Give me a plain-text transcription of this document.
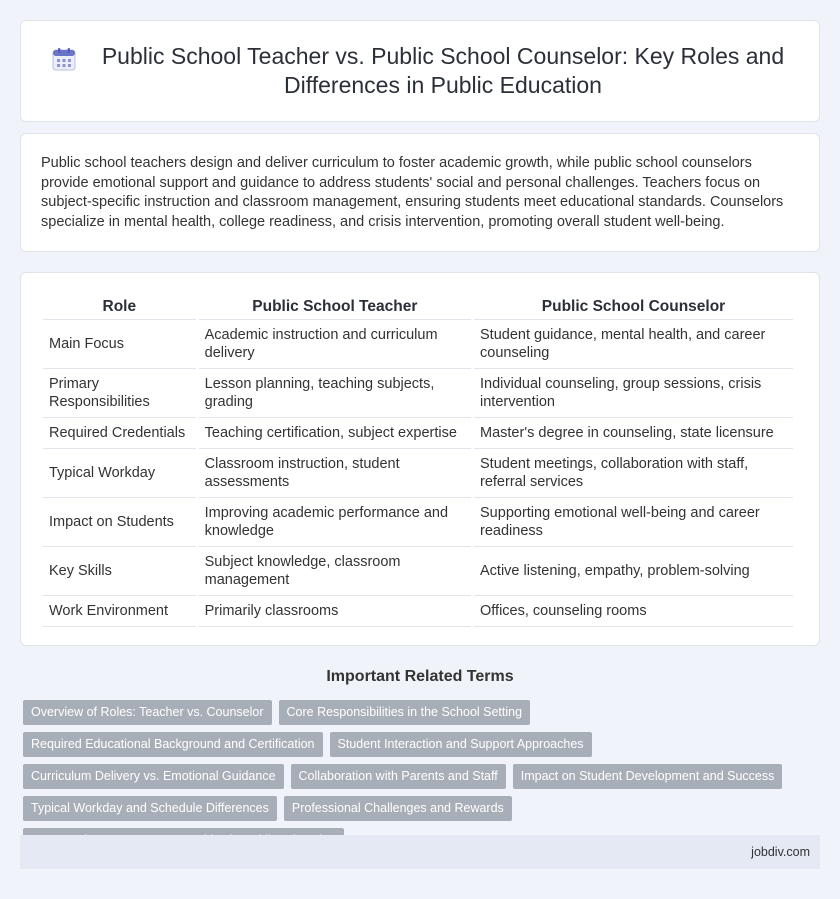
Public School Teacher vs. Public School Counselor: Key Roles and Differences in Public Education

Public school teachers design and deliver curriculum to foster academic growth, while public school counselors provide emotional support and guidance to address students' social and personal challenges. Teachers focus on subject-specific instruction and classroom management, ensuring students meet educational standards. Counselors specialize in mental health, college readiness, and crisis intervention, promoting overall student well-being.

Role	Public School Teacher	Public School Counselor
Main Focus	Academic instruction and curriculum delivery	Student guidance, mental health, and career counseling
Primary Responsibilities	Lesson planning, teaching subjects, grading	Individual counseling, group sessions, crisis intervention
Required Credentials	Teaching certification, subject expertise	Master's degree in counseling, state licensure
Typical Workday	Classroom instruction, student assessments	Student meetings, collaboration with staff, referral services
Impact on Students	Improving academic performance and knowledge	Supporting emotional well-being and career readiness
Key Skills	Subject knowledge, classroom management	Active listening, empathy, problem-solving
Work Environment	Primarily classrooms	Offices, counseling rooms
Important Related Terms
Overview of Roles: Teacher vs. Counselor	Core Responsibilities in the School Setting
Required Educational Background and Certification	Student Interaction and Support Approaches
Curriculum Delivery vs. Emotional Guidance	Collaboration with Parents and Staff	Impact on Student Development and Success
Typical Workday and Schedule Differences	Professional Challenges and Rewards
jobdiv.com
